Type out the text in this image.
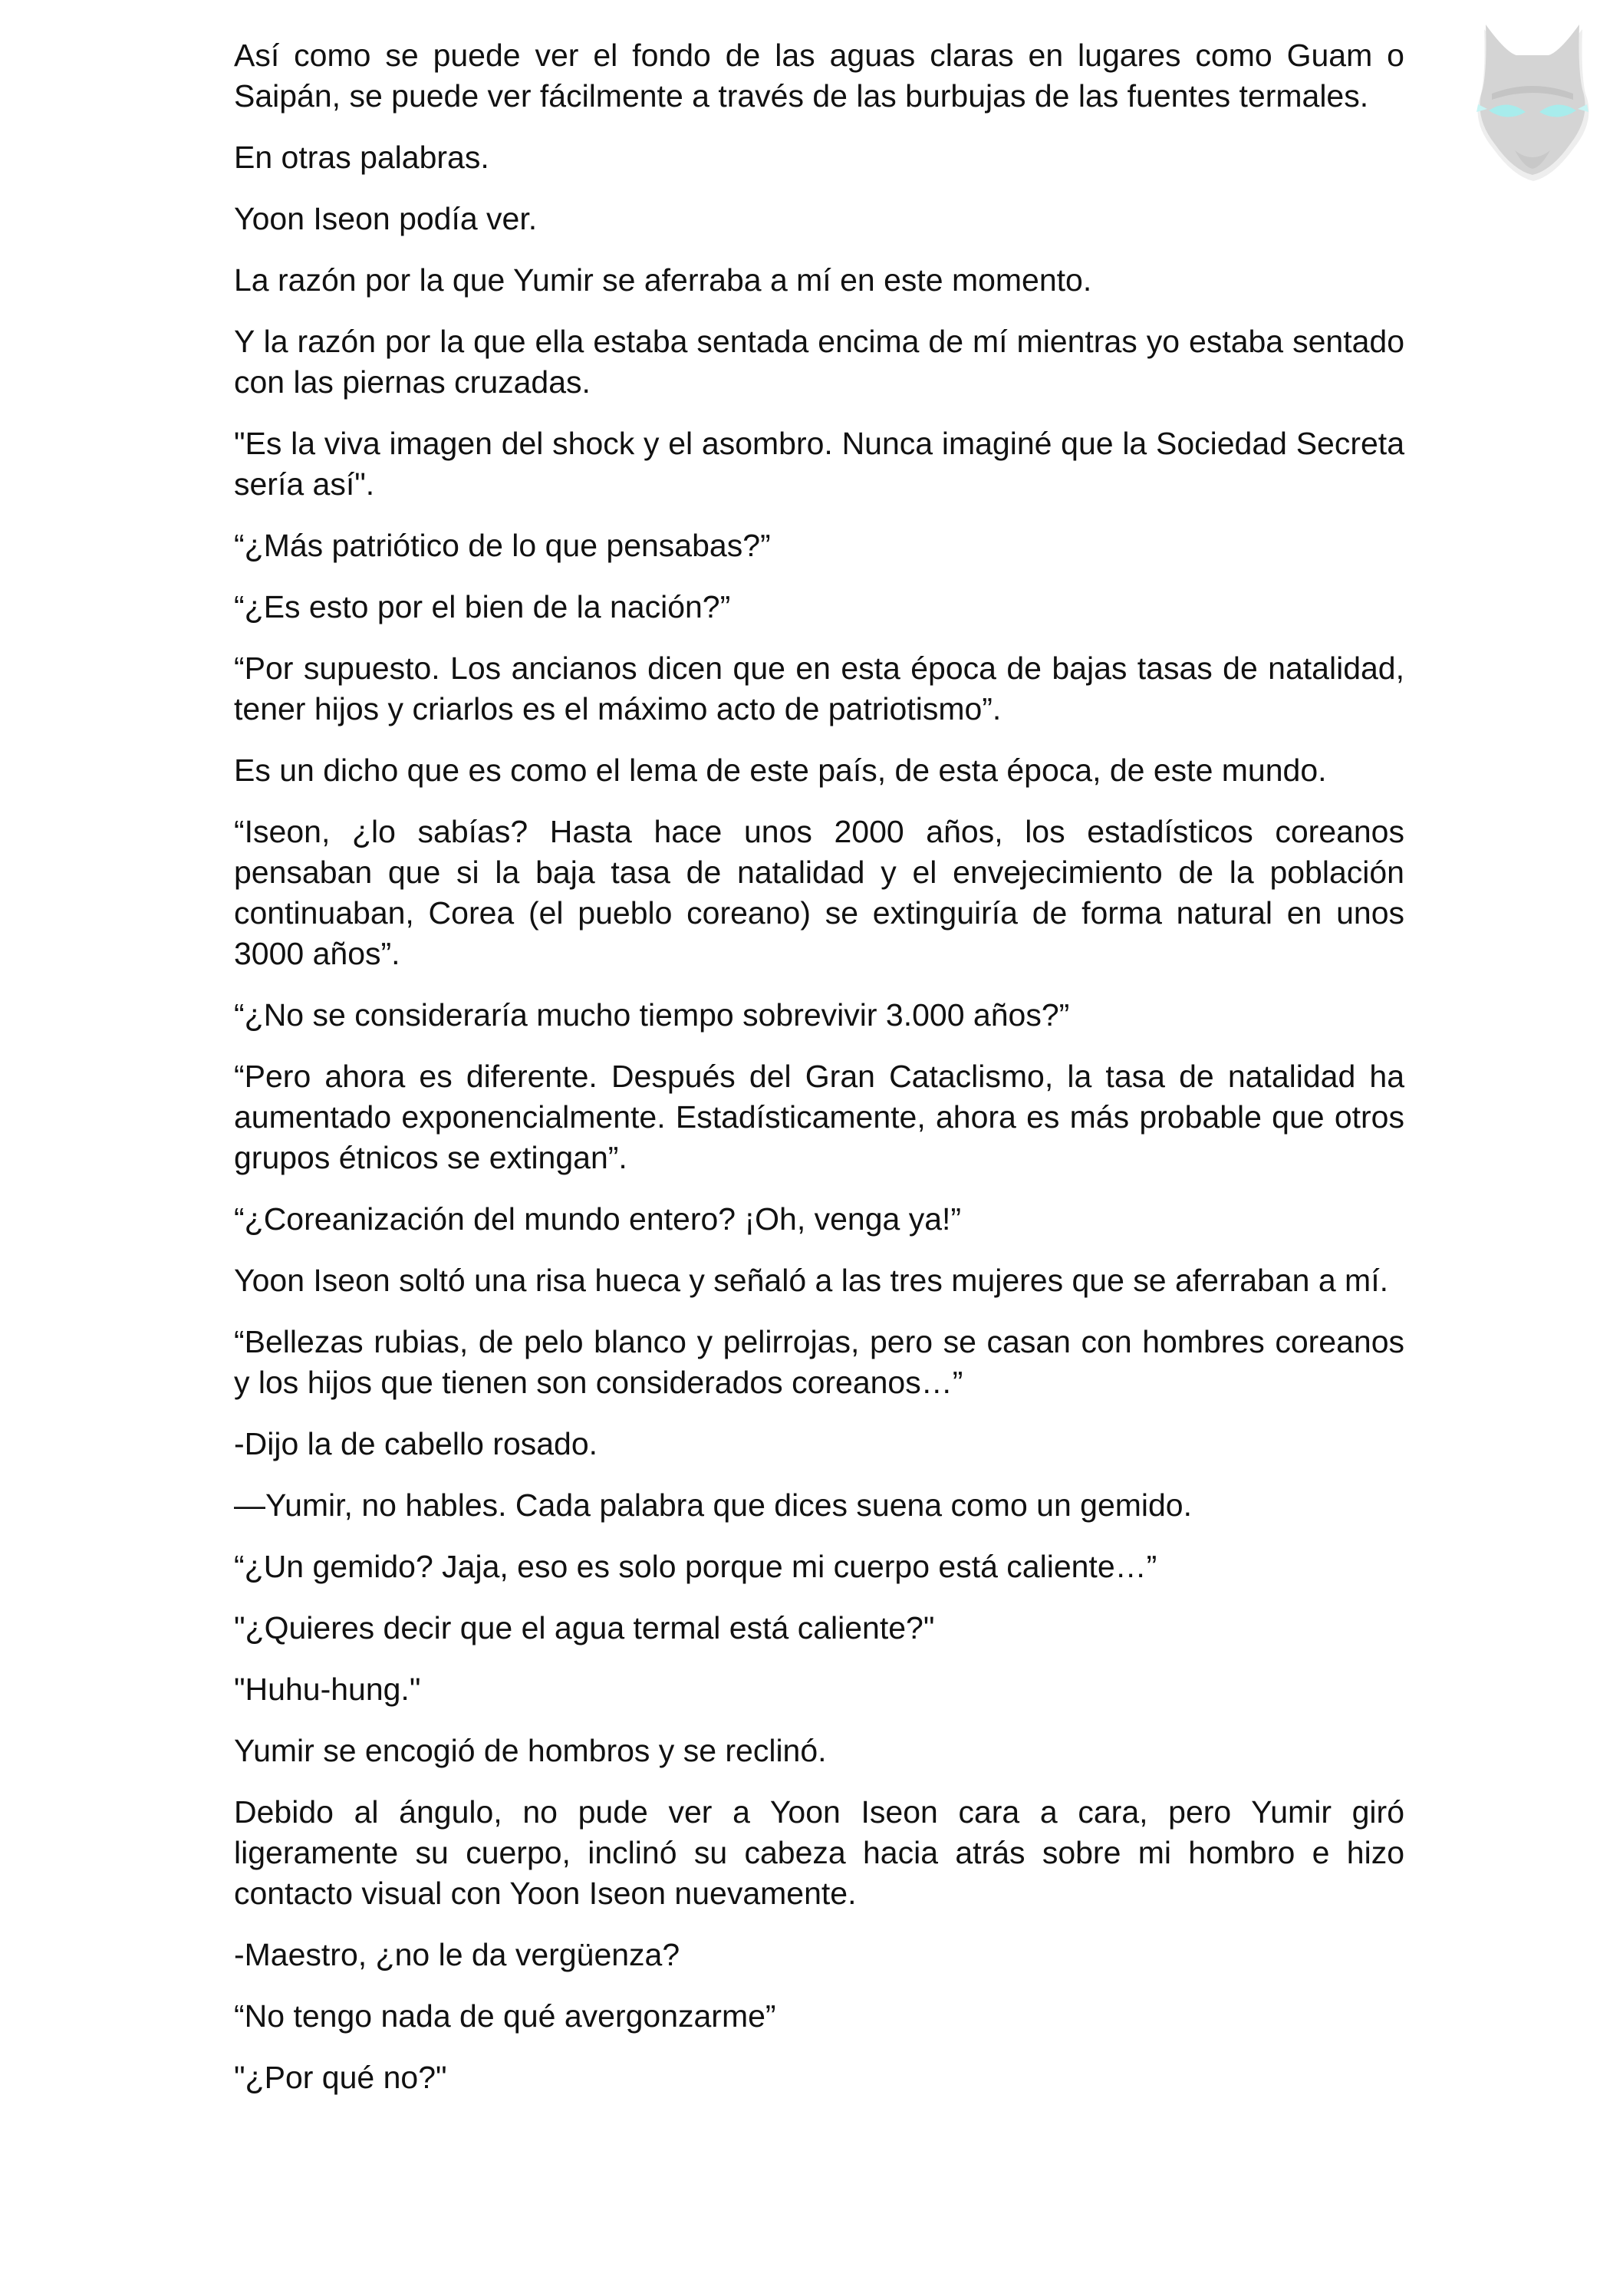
Así como se puede ver el fondo de las aguas claras en lugares como Guam o Saipán, se puede ver fácilmente a través de las burbujas de las fuentes termales.

En otras palabras.

Yoon Iseon podía ver.

La razón por la que Yumir se aferraba a mí en este momento.

Y la razón por la que ella estaba sentada encima de mí mientras yo estaba sentado con las piernas cruzadas.

"Es la viva imagen del shock y el asombro. Nunca imaginé que la Sociedad Secreta sería así".

“¿Más patriótico de lo que pensabas?”

“¿Es esto por el bien de la nación?”

“Por supuesto. Los ancianos dicen que en esta época de bajas tasas de natalidad, tener hijos y criarlos es el máximo acto de patriotismo”.

Es un dicho que es como el lema de este país, de esta época, de este mundo.

“Iseon, ¿lo sabías? Hasta hace unos 2000 años, los estadísticos coreanos pensaban que si la baja tasa de natalidad y el envejecimiento de la población continuaban, Corea (el pueblo coreano) se extinguiría de forma natural en unos 3000 años”.

“¿No se consideraría mucho tiempo sobrevivir 3.000 años?”

“Pero ahora es diferente. Después del Gran Cataclismo, la tasa de natalidad ha aumentado exponencialmente. Estadísticamente, ahora es más probable que otros grupos étnicos se extingan”.

“¿Coreanización del mundo entero? ¡Oh, venga ya!”

Yoon Iseon soltó una risa hueca y señaló a las tres mujeres que se aferraban a mí.

“Bellezas rubias, de pelo blanco y pelirrojas, pero se casan con hombres coreanos y los hijos que tienen son considerados coreanos…”

-Dijo la de cabello rosado.

—Yumir, no hables. Cada palabra que dices suena como un gemido.

“¿Un gemido? Jaja, eso es solo porque mi cuerpo está caliente…”

"¿Quieres decir que el agua termal está caliente?"

"Huhu-hung."

Yumir se encogió de hombros y se reclinó.

Debido al ángulo, no pude ver a Yoon Iseon cara a cara, pero Yumir giró ligeramente su cuerpo, inclinó su cabeza hacia atrás sobre mi hombro e hizo contacto visual con Yoon Iseon nuevamente.

-Maestro, ¿no le da vergüenza?

“No tengo nada de qué avergonzarme”

"¿Por qué no?"
